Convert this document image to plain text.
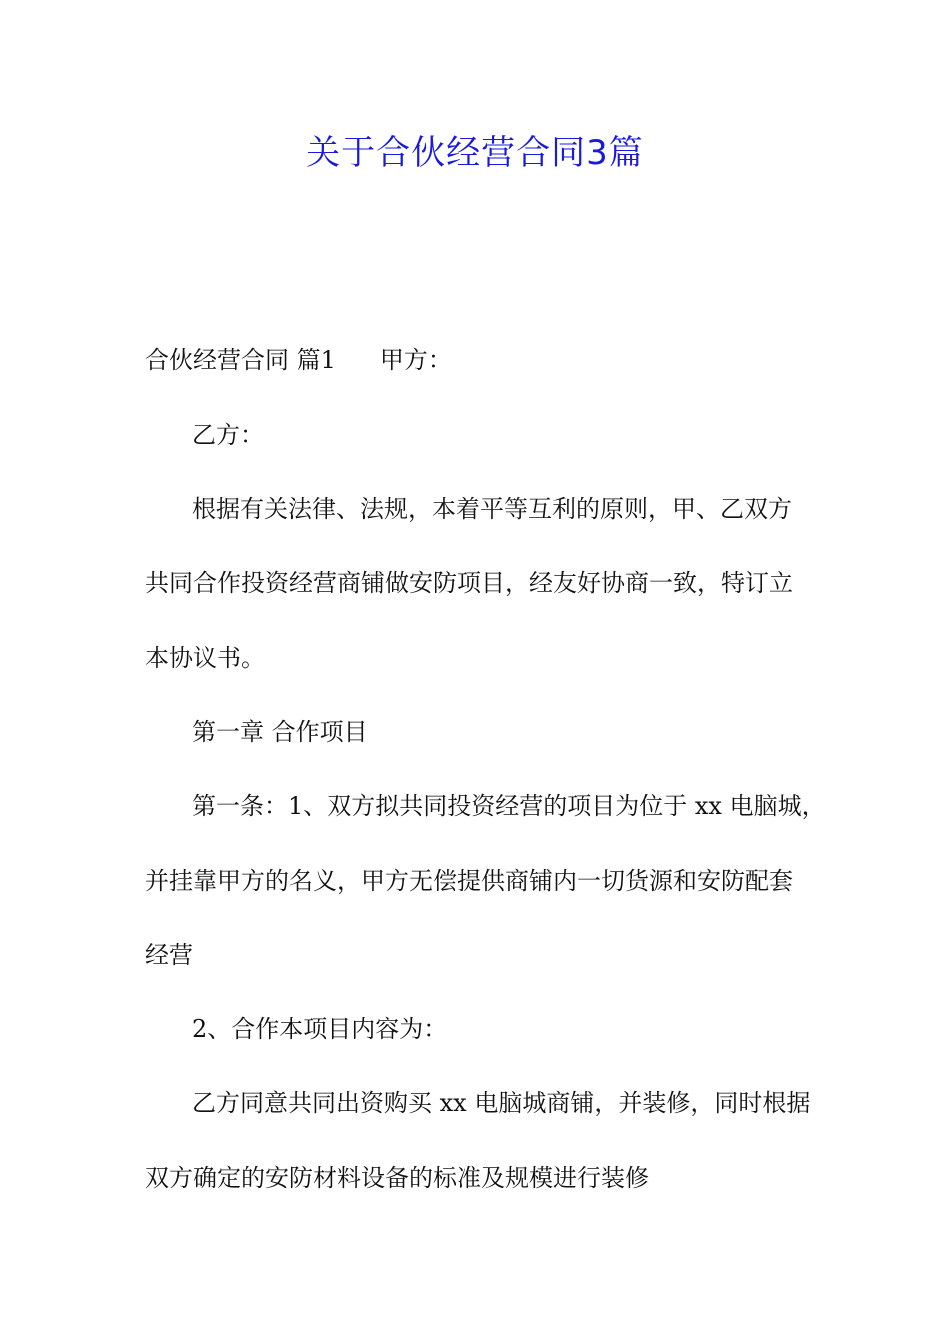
关于合伙经营合同3篇
合伙经营合同 篇1 甲方：
乙方：
根据有关法律、法规，本着平等互利的原则，甲、乙双方
共同合作投资经营商铺做安防项目，经友好协商一致，特订立
本协议书。
第一章 合作项目
第一条：1、双方拟共同投资经营的项目为位于 xx 电脑城，
并挂靠甲方的名义，甲方无偿提供商铺内一切货源和安防配套
经营
2、合作本项目内容为：
乙方同意共同出资购买 xx 电脑城商铺，并装修，同时根据
双方确定的安防材料设备的标准及规模进行装修
